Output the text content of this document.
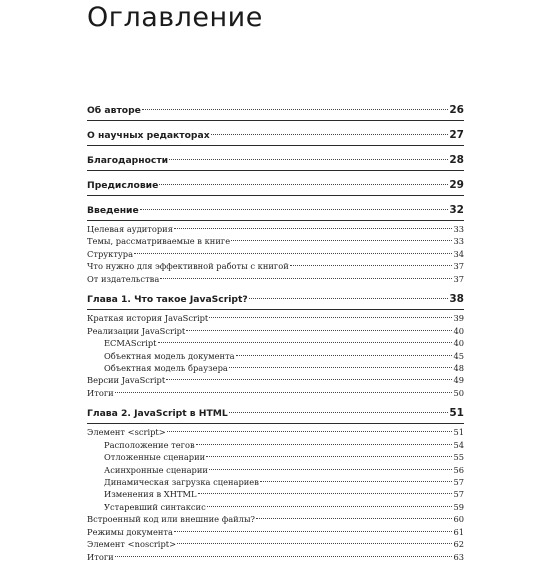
Оглавление
Об авторе	26
О научных редакторах	27
Благодарности	28
Предисловие	29
Введение	32
Целевая аудитория	33
Темы, рассматриваемые в книге	33
Структура	34
Что нужно для эффективной работы с книгой	37
От издательства	37
Глава 1. Что такое JavaScript?	38
Краткая история JavaScript	39
Реализации JavaScript	40
ECMAScript	40
Объектная модель документа	45
Объектная модель браузера	48
Версии JavaScript	49
Итоги	50
Глава 2. JavaScript в HTML	51
Элемент <script>	51
Расположение тегов	54
Отложенные сценарии	55
Асинхронные сценарии	56
Динамическая загрузка сценариев	57
Изменения в XHTML	57
Устаревший синтаксис	59
Встроенный код или внешние файлы?	60
Режимы документа	61
Элемент <noscript>	62
Итоги	63
